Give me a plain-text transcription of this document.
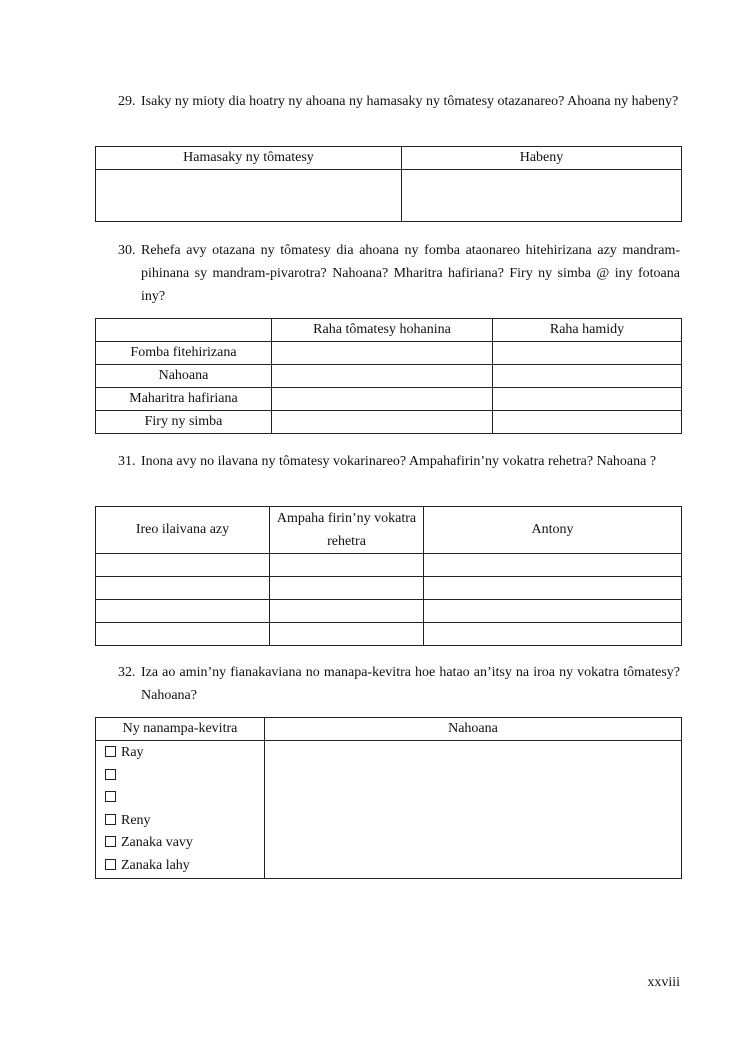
29. Isaky ny mioty dia hoatry ny ahoana ny hamasaky ny tômatesy otazanareo? Ahoana ny habeny?
Hamasaky ny tômatesy	Habeny

30. Rehefa avy otazana ny tômatesy dia ahoana ny fomba ataonareo hitehirizana azy mandram-pihinana sy mandram-pivarotra? Nahoana? Mharitra hafiriana? Firy ny simba @ iny fotoana iny?
	Raha tômatesy hohanina	Raha hamidy
Fomba fitehirizana		
Nahoana		
Maharitra hafiriana		
Firy ny simba		
31. Inona avy no ilavana ny tômatesy vokarinareo? Ampahafirin’ny vokatra rehetra? Nahoana ?
Ireo ilaivana azy	Ampaha firin’ny vokatra rehetra	Antony

32. Iza ao amin’ny fianakaviana no manapa-kevitra hoe hatao an’itsy na iroa ny vokatra tômatesy? Nahoana?
Ny nanampa-kevitra	Nahoana

Ray
Reny
Zanaka vavy
Zanaka lahy	

xxviii
